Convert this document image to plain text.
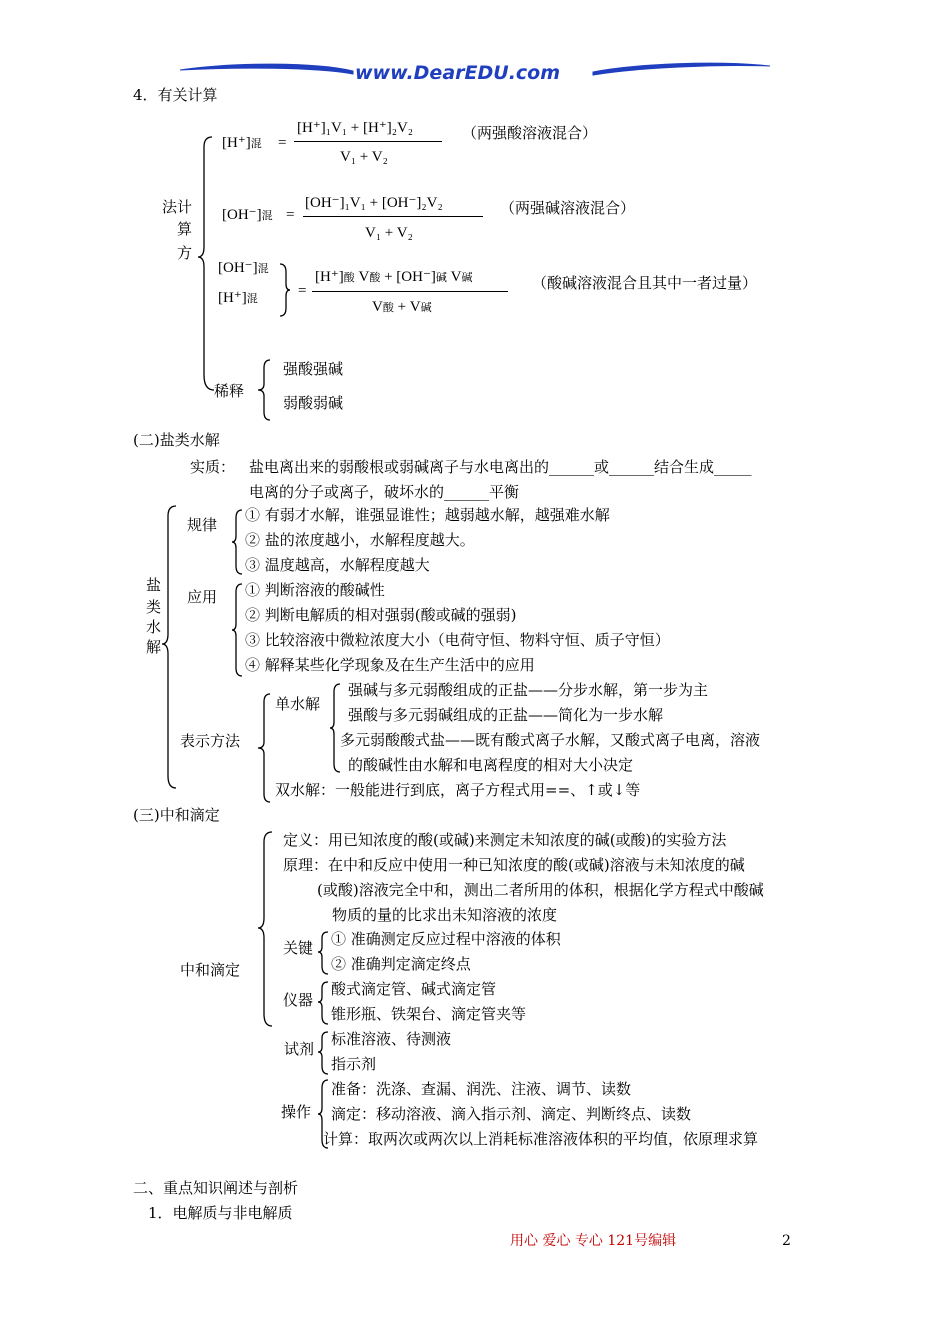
www.DearEDU.com
4．有关计算
法 计
算
方
[H⁺]混 =
[H⁺]₁V₁ + [H⁺]₂V₂
V₁ + V₂
（两强酸溶液混合）
[OH⁻]混 =
[OH⁻]₁V₁ + [OH⁻]₂V₂
V₁ + V₂
（两强碱溶液混合）
[OH⁻]混
[H⁺]混	=
[H⁺]酸 V酸 + [OH⁻]碱 V碱
V酸 + V碱
（酸碱溶液混合且其中一者过量）
稀释
强酸强碱
弱酸弱碱
(二)盐类水解
实质： 盐电离出来的弱酸根或弱碱离子与水电离出的______或______结合生成_____
电离的分子或离子，破坏水的______平衡
盐
类
水
解
规律
① 有弱才水解，谁强显谁性；越弱越水解，越强难水解
② 盐的浓度越小，水解程度越大。
③ 温度越高，水解程度越大
应用 ① 判断溶液的酸碱性
② 判断电解质的相对强弱(酸或碱的强弱)
③ 比较溶液中微粒浓度大小（电荷守恒、物料守恒、质子守恒）
④ 解释某些化学现象及在生产生活中的应用
表示方法
单水解
强碱与多元弱酸组成的正盐——分步水解，第一步为主
强酸与多元弱碱组成的正盐——简化为一步水解
多元弱酸酸式盐——既有酸式离子水解，又酸式离子电离，溶液
的酸碱性由水解和电离程度的相对大小决定
双水解：一般能进行到底，离子方程式用==、↑或↓等
(三)中和滴定
中和滴定
定义：用已知浓度的酸(或碱)来测定未知浓度的碱(或酸)的实验方法
原理：在中和反应中使用一种已知浓度的酸(或碱)溶液与未知浓度的碱
(或酸)溶液完全中和，测出二者所用的体积，根据化学方程式中酸碱
物质的量的比求出未知溶液的浓度
关键 ① 准确测定反应过程中溶液的体积
② 准确判定滴定终点
仪器
酸式滴定管、碱式滴定管
锥形瓶、铁架台、滴定管夹等
试剂
标准溶液、待测液
指示剂
操作
准备：洗涤、查漏、润洗、注液、调节、读数
滴定：移动溶液、滴入指示剂、滴定、判断终点、读数
计算：取两次或两次以上消耗标准溶液体积的平均值，依原理求算
二、重点知识阐述与剖析
1．电解质与非电解质
用心 爱心 专心 121号编辑	2
